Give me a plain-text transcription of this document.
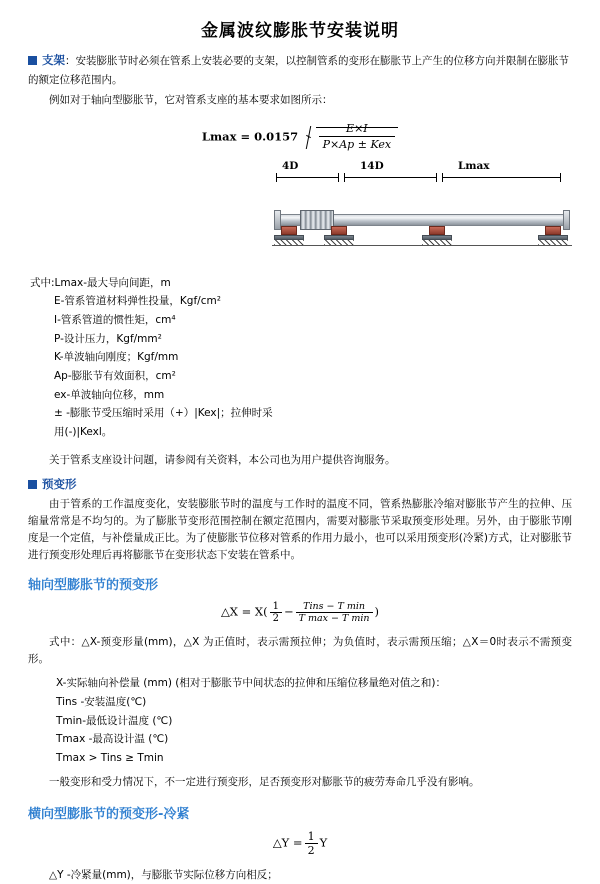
金属波纹膨胀节安装说明
支架：安装膨胀节时必须在管系上安装必要的支架，以控制管系的变形在膨胀节上产生的位移方向并限制在膨胀节的额定位移范围内。

例如对于轴向型膨胀节，它对管系支座的基本要求如图所示：

$Lmax = 0.0157 \frac{E\times I}{\text{P×Ap ± Kex}}$
4D	14D	Lmax
式中:Lmax-最大导向间距，m
E-管系管道材料弹性投量，Kgf/cm²
I-管系管道的惯性矩，cm⁴
P-设计压力，Kgf/mm²
K-单波轴向刚度；Kgf/mm
Ap-膨胀节有效面积，cm²
ex-单波轴向位移，mm
± -膨胀节受压缩时采用（+）|Kex|；拉伸时采用(-)|Kexl。

关于管系支座设计问题，请参阅有关资料，本公司也为用户提供咨询服务。

预变形

由于管系的工作温度变化，安装膨胀节时的温度与工作时的温度不同，管系热膨胀冷缩对膨胀节产生的拉伸、压缩量常常是不均匀的。为了膨胀节变形范围控制在额定范围内，需要对膨胀节采取预变形处理。另外，由于膨胀节刚度是一个定值，与补偿量成正比。为了使膨胀节位移对管系的作用力最小，也可以采用预变形(冷紧)方式，让对膨胀节进行预变形处理后再将膨胀节在变形状态下安装在管系中。

轴向型膨胀节的预变形
△X = $X( \frac{1}{2} - \frac{\text{Tins − T min}}{\text{T max − T min}}$ )

式中：△X-预变形量(mm)，△X 为正值时，表示需预拉伸；为负值时，表示需预压缩；△X＝0时表示不需预变形。

X-实际轴向补偿量 (mm) (相对于膨胀节中间状态的拉伸和压缩位移量绝对值之和)：
Tins -安装温度(℃)
Tmin-最低设计温度 (℃)
Tmax -最高设计温 (℃)
Tmax > Tins ≥ Tmin

一般变形和受力情况下，不一定进行预变形，足否预变形对膨胀节的疲劳寿命几乎没有影响。

横向型膨胀节的预变形-冷紧
△Y = $\frac{1}{2}$ Y

△Y -冷紧量(mm)，与膨胀节实际位移方向相反；
